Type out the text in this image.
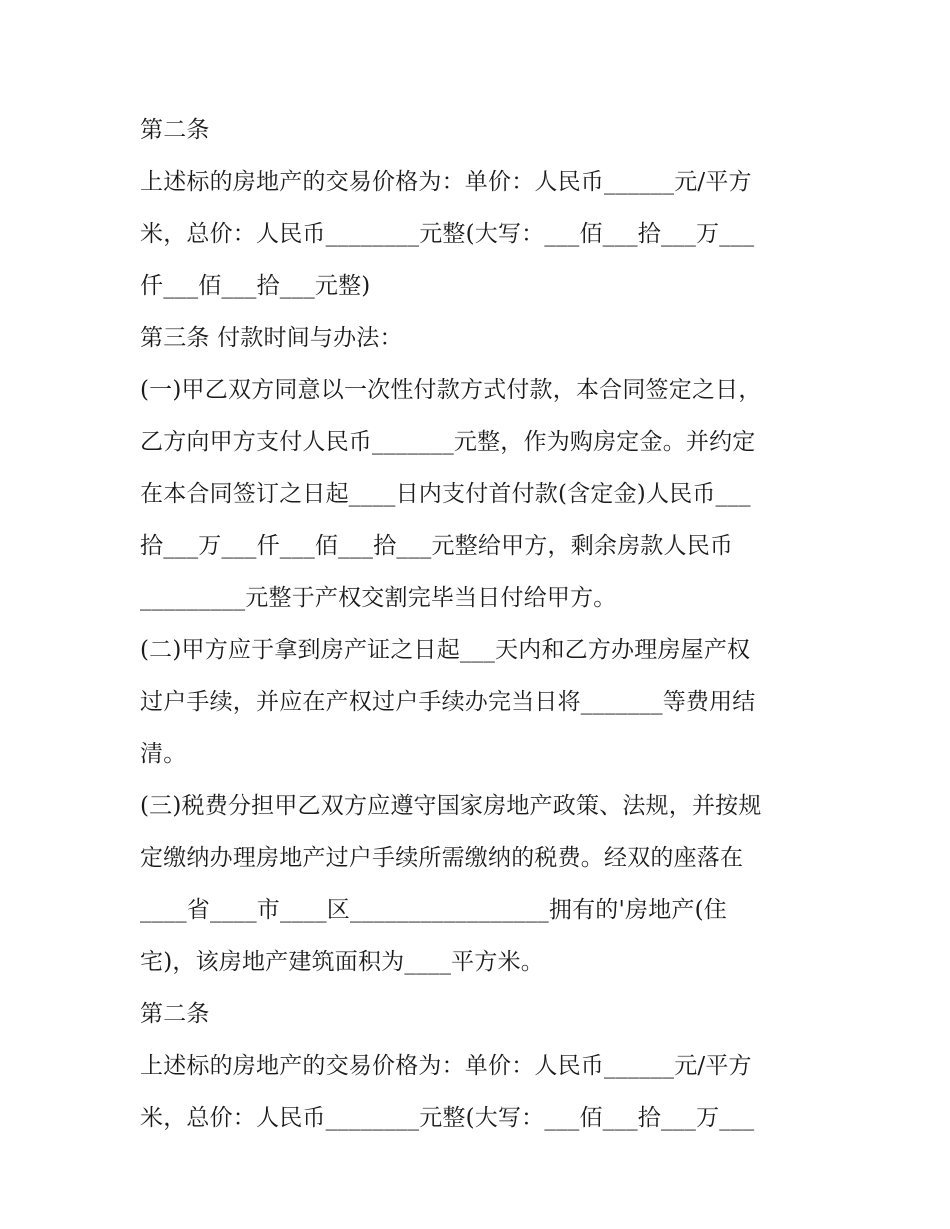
第二条
上述标的房地产的交易价格为：单价：人民币______元/平方
米，总价：人民币________元整(大写：___佰___拾___万___
仟___佰___拾___元整)
第三条 付款时间与办法：
(一)甲乙双方同意以一次性付款方式付款，本合同签定之日，
乙方向甲方支付人民币_______元整，作为购房定金。并约定
在本合同签订之日起____日内支付首付款(含定金)人民币___
拾___万___仟___佰___拾___元整给甲方，剩余房款人民币
_________元整于产权交割完毕当日付给甲方。
(二)甲方应于拿到房产证之日起___天内和乙方办理房屋产权
过户手续，并应在产权过户手续办完当日将_______等费用结
清。
(三)税费分担甲乙双方应遵守国家房地产政策、法规，并按规
定缴纳办理房地产过户手续所需缴纳的税费。经双的座落在
____省____市____区_________________拥有的'房地产(住
宅)，该房地产建筑面积为____平方米。
第二条
上述标的房地产的交易价格为：单价：人民币______元/平方
米，总价：人民币________元整(大写：___佰___拾___万___
